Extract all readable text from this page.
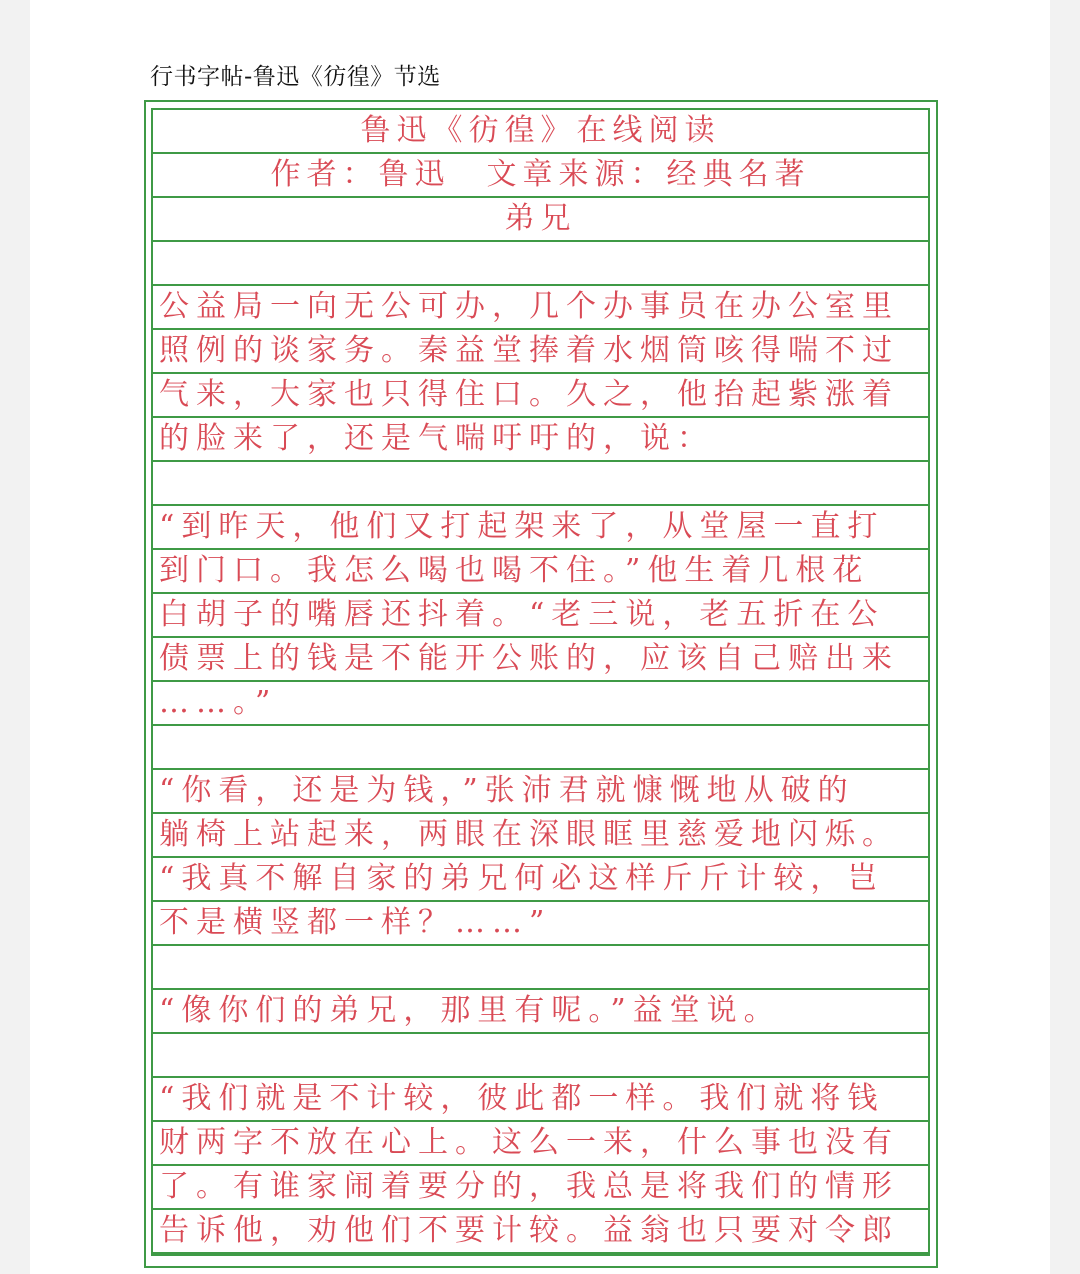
行书字帖-鲁迅《彷徨》节选
鲁迅《彷徨》在线阅读
作者：鲁迅　文章来源：经典名著
弟兄
公益局一向无公可办，几个办事员在办公室里
照例的谈家务。秦益堂捧着水烟筒咳得喘不过
气来，大家也只得住口。久之，他抬起紫涨着
的脸来了，还是气喘吁吁的，说：
“到昨天，他们又打起架来了，从堂屋一直打
到门口。我怎么喝也喝不住。”他生着几根花
白胡子的嘴唇还抖着。“老三说，老五折在公
债票上的钱是不能开公账的，应该自己赔出来
……。”
“你看，还是为钱，”张沛君就慷慨地从破的
躺椅上站起来，两眼在深眼眶里慈爱地闪烁。
“我真不解自家的弟兄何必这样斤斤计较，岂
不是横竖都一样？……”
“像你们的弟兄，那里有呢。”益堂说。
“我们就是不计较，彼此都一样。我们就将钱
财两字不放在心上。这么一来，什么事也没有
了。有谁家闹着要分的，我总是将我们的情形
告诉他，劝他们不要计较。益翁也只要对令郎
